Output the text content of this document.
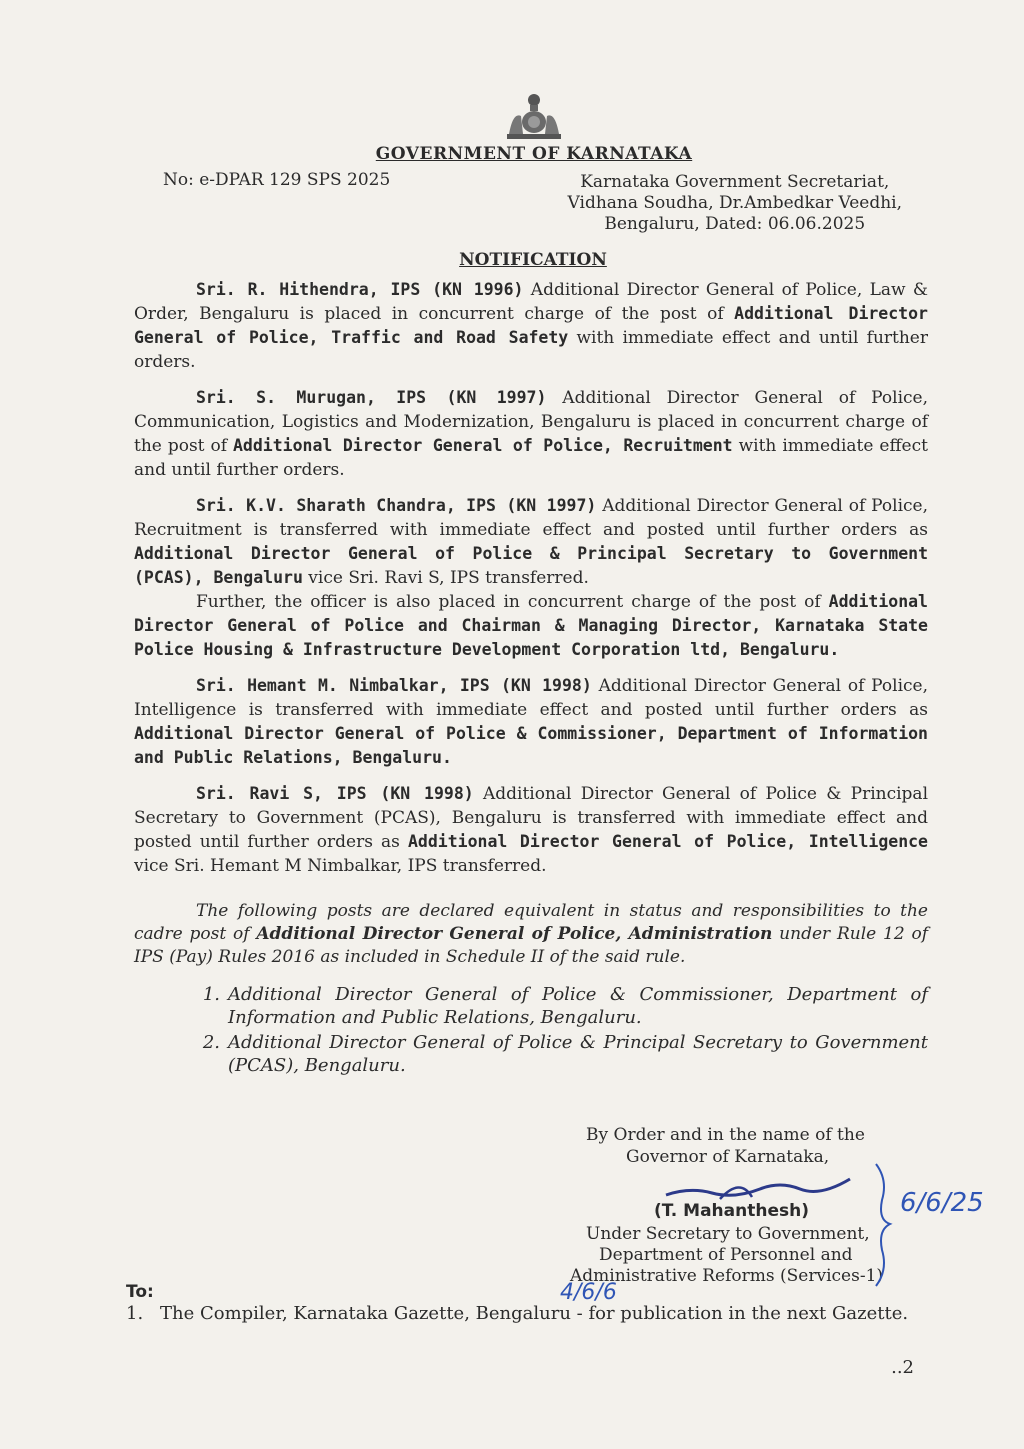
GOVERNMENT OF KARNATAKA
No: e-DPAR 129 SPS 2025	Karnataka Government Secretariat,
Vidhana Soudha, Dr.Ambedkar Veedhi,
Bengaluru, Dated: 06.06.2025
NOTIFICATION

Sri. R. Hithendra, IPS (KN 1996) Additional Director General of Police, Law & Order, Bengaluru is placed in concurrent charge of the post of Additional Director General of Police, Traffic and Road Safety with immediate effect and until further orders.

Sri. S. Murugan, IPS (KN 1997) Additional Director General of Police, Communication, Logistics and Modernization, Bengaluru is placed in concurrent charge of the post of Additional Director General of Police, Recruitment with immediate effect and until further orders.

Sri. K.V. Sharath Chandra, IPS (KN 1997) Additional Director General of Police, Recruitment is transferred with immediate effect and posted until further orders as Additional Director General of Police & Principal Secretary to Government (PCAS), Bengaluru vice Sri. Ravi S, IPS transferred.

Further, the officer is also placed in concurrent charge of the post of Additional Director General of Police and Chairman & Managing Director, Karnataka State Police Housing & Infrastructure Development Corporation ltd, Bengaluru.

Sri. Hemant M. Nimbalkar, IPS (KN 1998) Additional Director General of Police, Intelligence is transferred with immediate effect and posted until further orders as Additional Director General of Police & Commissioner, Department of Information and Public Relations, Bengaluru.

Sri. Ravi S, IPS (KN 1998) Additional Director General of Police & Principal Secretary to Government (PCAS), Bengaluru is transferred with immediate effect and posted until further orders as Additional Director General of Police, Intelligence vice Sri. Hemant M Nimbalkar, IPS transferred.

The following posts are declared equivalent in status and responsibilities to the cadre post of Additional Director General of Police, Administration under Rule 12 of IPS (Pay) Rules 2016 as included in Schedule II of the said rule.

1. Additional Director General of Police & Commissioner, Department of Information and Public Relations, Bengaluru.
2. Additional Director General of Police & Principal Secretary to Government (PCAS), Bengaluru.
By Order and in the name of the
Governor of Karnataka,
(T. Mahanthesh)
Under Secretary to Government,
Department of Personnel and
Administrative Reforms (Services-1)
6/6/25
To:
1. The Compiler, Karnataka Gazette, Bengaluru - for publication in the next Gazette.
4/6/6
..2
